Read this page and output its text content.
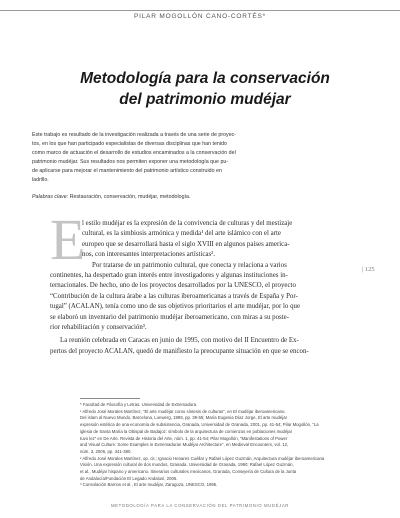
PILAR MOGOLLÓN CANO-CORTÉS*
Metodología para la conservación
del patrimonio mudéjar
Este trabajo es resultado de la investigación realizada a través de una serie de proyec-
tos, en los que han participado especialistas de diversas disciplinas que han tenido
como marco de actuación el desarrollo de estudios encaminados a la conservación del
patrimonio mudéjar. Sus resultados nos permiten exponer una metodología que pu-
de aplicarse para mejorar el mantenimiento del patrimonio artístico construido en
ladrillo.
Palabras clave: Restauración, conservación, mudéjar, metodología.
E
l estilo mudéjar es la expresión de la convivencia de culturas y del mestizaje
cultural, es la simbiosis armónica y medida¹ del arte islámico con el arte
europeo que se desarrollará hasta el siglo XVIII en algunos países america-
nos, con interesantes interpretaciones artísticas².
Por tratarse de un patrimonio cultural, que conecta y relaciona a varios
continentes, ha despertado gran interés entre investigadores y algunas instituciones in-
ternacionales. De hecho, uno de los proyectos desarrollados por la UNESCO, el proyecto
“Contribución de la cultura árabe a las culturas iberoamericanas a través de España y Por-
tugal” (ACALAN), tenía como uno de sus objetivos prioritarios el arte mudéjar, por lo que
se elaboró un inventario del patrimonio mudéjar iberoamericano, con miras a su poste-
rior rehabilitación y conservación³.
La reunión celebrada en Caracas en junio de 1995, con motivo del II Encuentro de Ex-
pertos del proyecto ACALAN, quedó de manifiesto la preocupante situación en que se encon-
| 125
* Facultad de Filosofía y Letras. Universidad de Extremadura.
¹ Alfredo José Morales Martínez, “El arte mudéjar como síntesis de culturas”, en El mudéjar iberoamericano.
Del islam al Nuevo Mundo, Barcelona, Lunwerg, 1995, pp. 39-55; María Eugenia Díaz Jorge, El arte mudéjar
expresión estética de una economía de subsistencia, Granada, Universidad de Granada, 2001, pp. 41-54; Pilar Mogollón, “La
iglesia de Santa María la Obispal de Badajoz: símbolo de la arquitectura de comienzos en poblaciones mudéjar
tuvo lez” en De Arte. Revista de Historia del Arte, núm. 1, pp. 41-54; Pilar Mogollón, “Manifestations of Power
and Visual Culture: Some Examples in Extremaduran Mudéjar Architecture”, en Medieval Encounters, vol. 12,
núm. 3, 2006, pp. 341-380.
² Alfredo José Morales Martínez, op. cit.; Ignacio Henares Cuéllar y Rafael López Guzmán, Arquitectura mudéjar iberoamericana
Visión. Una expresión cultural de dos mundos, Granada, Universidad de Granada, 1990; Rafael López Guzmán,
et al., Mudéjar hispano y americano. Itinerarios culturales mexicanos, Granada, Consejería de Cultura de la Junta
de Andalucía/Fundación El Legado Andalusí, 2006.
³ Consolación Barrios et al., El arte mudéjar, Zaragoza, UNESCO, 1995.
METODOLOGÍA PARA LA CONSERVACIÓN DEL PATRIMONIO MUDÉJAR
